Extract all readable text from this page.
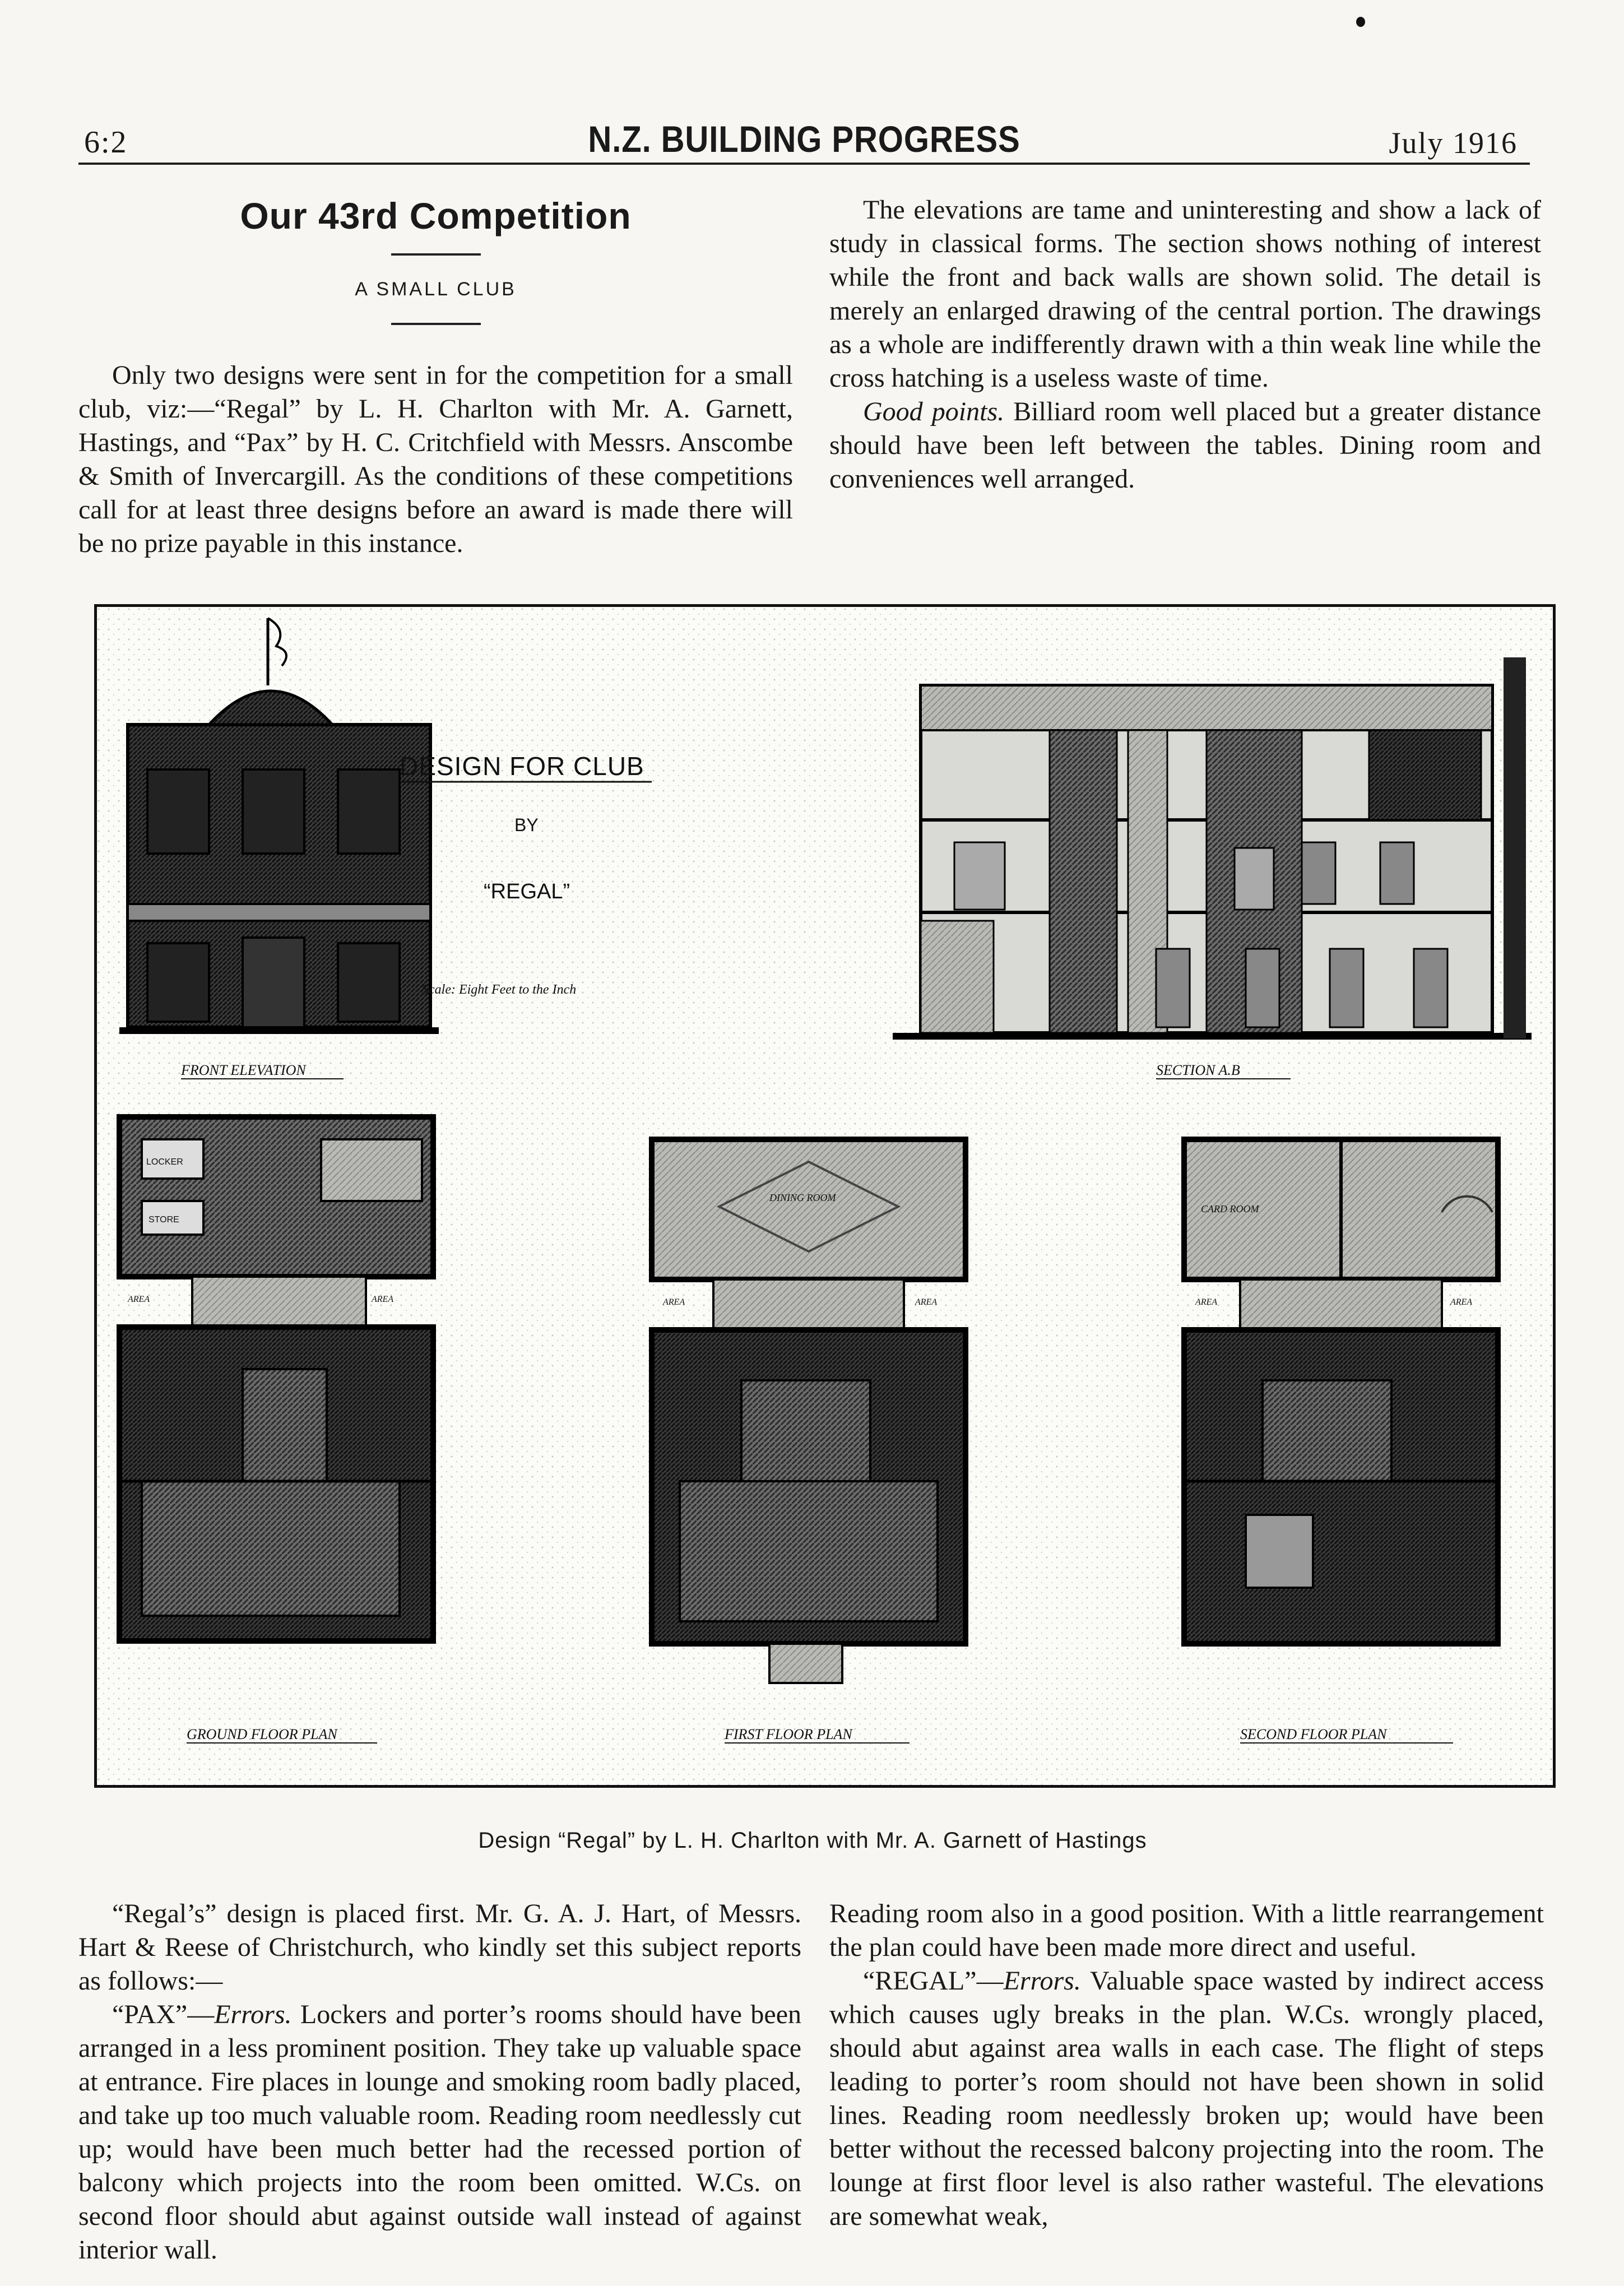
6:2	N.Z. BUILDING PROGRESS	July 1916
Our 43rd Competition
A SMALL CLUB

Only two designs were sent in for the competition for a small club, viz:—“Regal” by L. H. Charlton with Mr. A. Garnett, Hastings, and “Pax” by H. C. Critchfield with Messrs. Anscombe & Smith of Invercargill. As the conditions of these competitions call for at least three designs before an award is made there will be no prize payable in this instance.

The elevations are tame and uninteresting and show a lack of study in classical forms. The section shows nothing of interest while the front and back walls are shown solid. The detail is merely an enlarged drawing of the central portion. The drawings as a whole are indifferently drawn with a thin weak line while the cross hatching is a useless waste of time.

Good points. Billiard room well placed but a greater distance should have been left between the tables. Dining room and conveniences well arranged.

DESIGN FOR CLUB
BY
“REGAL”
Scale: Eight Feet to the Inch
FRONT ELEVATION	SECTION A.B
LOCKER
STORE
AREA	AREA
DINING ROOM
AREA	AREA
CARD ROOM
AREA	AREA
GROUND FLOOR PLAN	FIRST FLOOR PLAN	SECOND FLOOR PLAN
Design “Regal” by L. H. Charlton with Mr. A. Garnett of Hastings

“Regal’s” design is placed first. Mr. G. A. J. Hart, of Messrs. Hart & Reese of Christchurch, who kindly set this subject reports as follows:—

“PAX”—Errors. Lockers and porter’s rooms should have been arranged in a less prominent position. They take up valuable space at entrance. Fire places in lounge and smoking room badly placed, and take up too much valuable room. Reading room needlessly cut up; would have been much better had the recessed portion of balcony which projects into the room been omitted. W.Cs. on second floor should abut against outside wall instead of against interior wall.

Reading room also in a good position. With a little rearrangement the plan could have been made more direct and useful.

“REGAL”—Errors. Valuable space wasted by indirect access which causes ugly breaks in the plan. W.Cs. wrongly placed, should abut against area walls in each case. The flight of steps leading to porter’s room should not have been shown in solid lines. Reading room needlessly broken up; would have been better without the recessed balcony projecting into the room. The lounge at first floor level is also rather wasteful. The elevations are somewhat weak,
